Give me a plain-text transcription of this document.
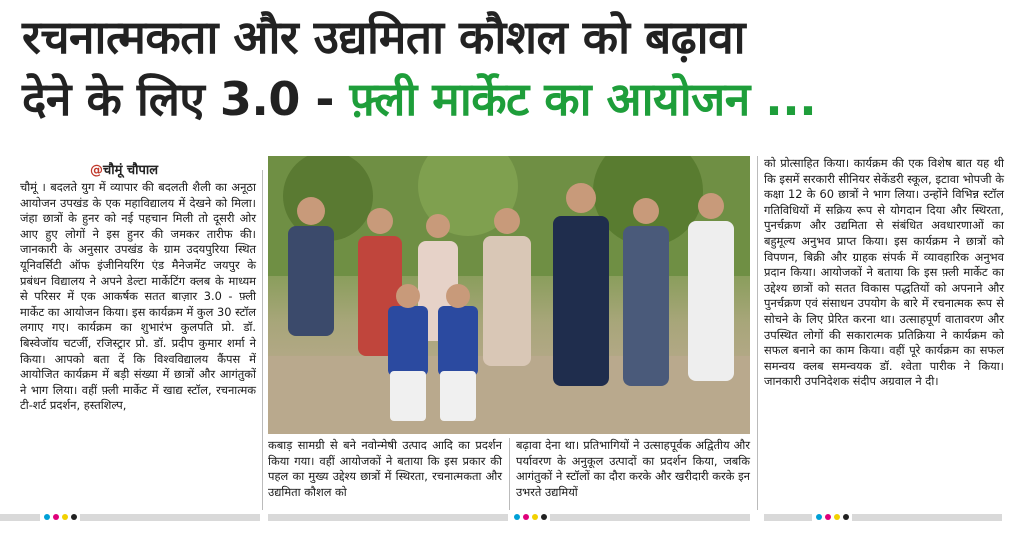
रचनात्मकता और उद्यमिता कौशल को बढ़ावा
देने के लिए 3.0 - फ़्ली मार्केट का आयोजन ...
@चौमूं चौपाल
चौमूं । बदलते युग में व्यापार की बदलती शैली का अनूठा आयोजन उपखंड के एक महाविद्यालय में देखने को मिला। जंहा छात्रों के हुनर को नई पहचान मिली तो दूसरी ओर आए हुए लोगों ने इस हुनर की जमकर तारीफ की। जानकारी के अनुसार उपखंड के ग्राम उदयपुरिया स्थित यूनिवर्सिटी ऑफ इंजीनियरिंग एंड मैनेजमेंट जयपुर के प्रबंधन विद्यालय ने अपने डेल्टा मार्केटिंग क्लब के माध्यम से परिसर में एक आकर्षक सतत बाज़ार 3.0 - फ़्ली मार्केट का आयोजन किया। इस कार्यक्रम में कुल 30 स्टॉल लगाए गए। कार्यक्रम का शुभारंभ कुलपति प्रो. डॉ. बिस्वेजॉय चटर्जी, रजिस्ट्रार प्रो. डॉ. प्रदीप कुमार शर्मा ने किया। आपको बता दें कि विश्वविद्यालय कैंपस में आयोजित कार्यक्रम में बड़ी संख्या में छात्रों और आगंतुकों ने भाग लिया। वहीं फ़्ली मार्केट में खाद्य स्टॉल, रचनात्मक टी-शर्ट प्रदर्शन, हस्तशिल्प,
कबाड़ सामग्री से बने नवोन्मेषी उत्पाद आदि का प्रदर्शन किया गया। वहीं आयोजकों ने बताया कि इस प्रकार की पहल का मुख्य उद्देश्य छात्रों में स्थिरता, रचनात्मकता और उद्यमिता कौशल को
बढ़ावा देना था। प्रतिभागियों ने उत्साहपूर्वक अद्वितीय और पर्यावरण के अनुकूल उत्पादों का प्रदर्शन किया, जबकि आगंतुकों ने स्टॉलों का दौरा करके और खरीदारी करके इन उभरते उद्यमियों
को प्रोत्साहित किया। कार्यक्रम की एक विशेष बात यह थी कि इसमें सरकारी सीनियर सेकेंडरी स्कूल, इटावा भोपजी के कक्षा 12 के 60 छात्रों ने भाग लिया। उन्होंने विभिन्न स्टॉल गतिविधियों में सक्रिय रूप से योगदान दिया और स्थिरता, पुनर्चक्रण और उद्यमिता से संबंधित अवधारणाओं का बहुमूल्य अनुभव प्राप्त किया। इस कार्यक्रम ने छात्रों को विपणन, बिक्री और ग्राहक संपर्क में व्यावहारिक अनुभव प्रदान किया। आयोजकों ने बताया कि इस फ़्ली मार्केट का उद्देश्य छात्रों को सतत विकास पद्धतियों को अपनाने और पुनर्चक्रण एवं संसाधन उपयोग के बारे में रचनात्मक रूप से सोचने के लिए प्रेरित करना था। उत्साहपूर्ण वातावरण और उपस्थित लोगों की सकारात्मक प्रतिक्रिया ने कार्यक्रम को सफल बनाने का काम किया। वहीं पूरे कार्यक्रम का सफल समन्वय क्लब समन्वयक डॉ. श्वेता पारीक ने किया। जानकारी उपनिदेशक संदीप अग्रवाल ने दी।
